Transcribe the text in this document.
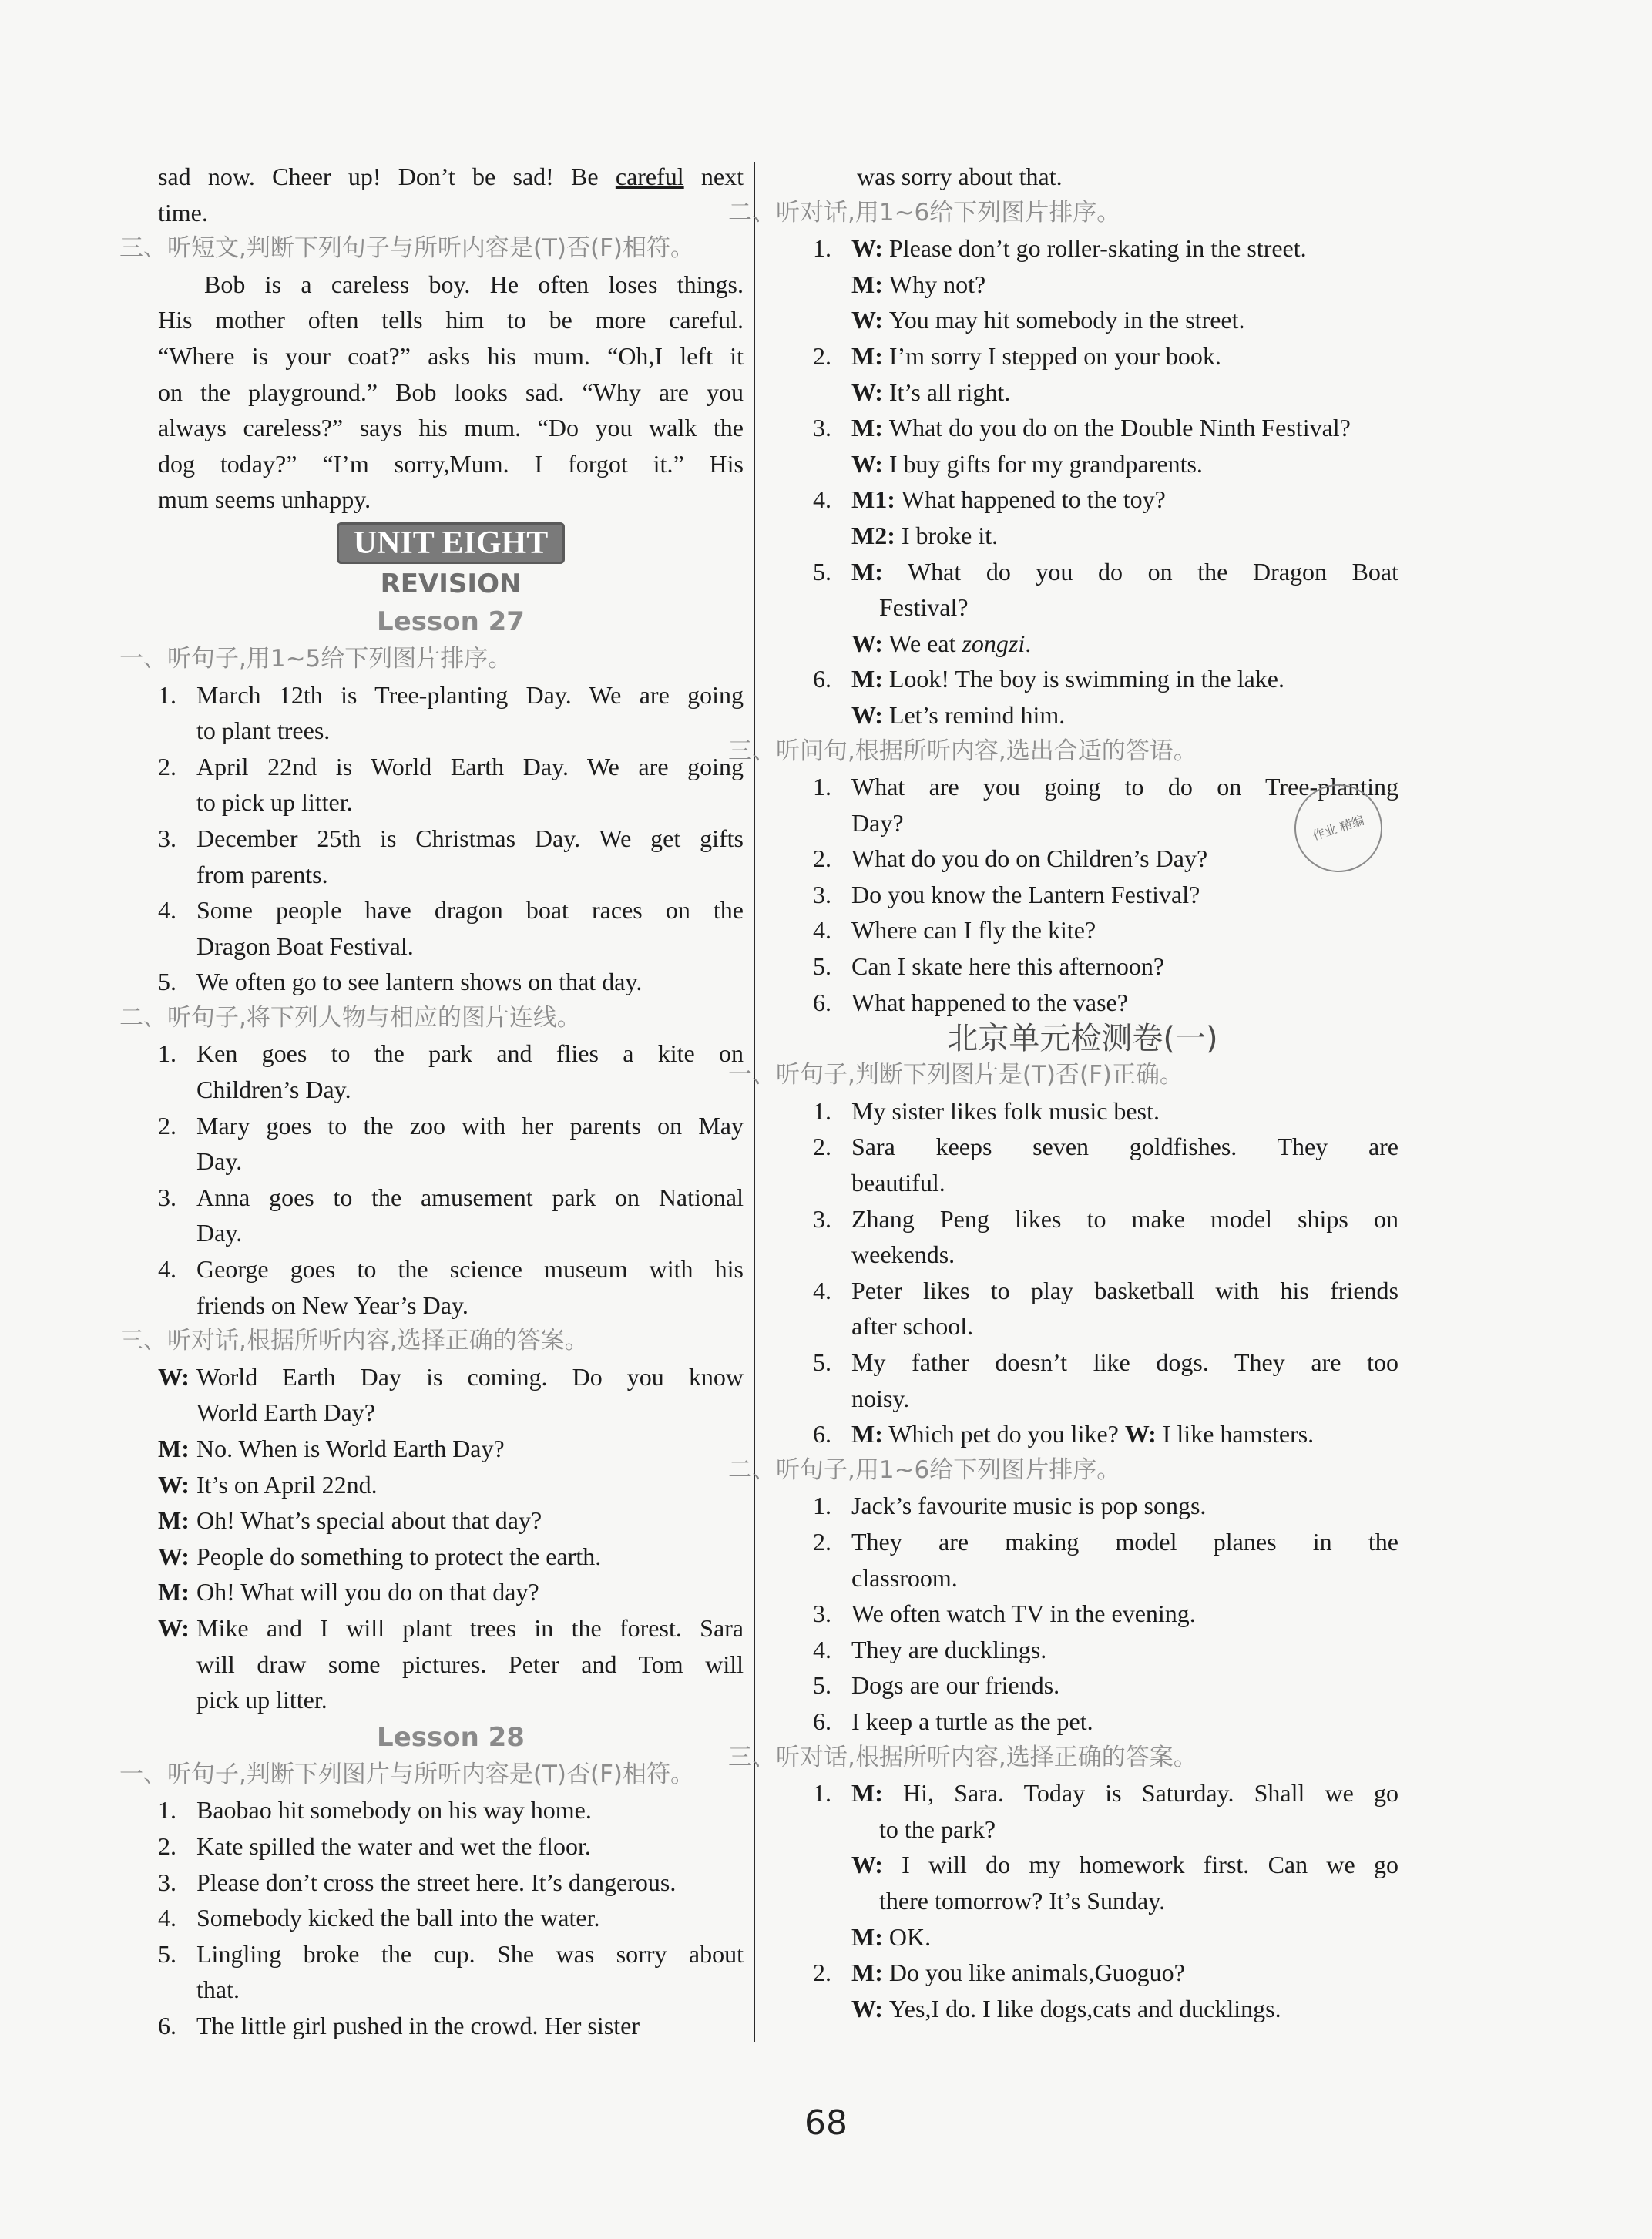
sad now. Cheer up! Don’t be sad! Be careful next
time.
三、听短文,判断下列句子与所听内容是(T)否(F)相符。
Bob is a careless boy. He often loses things.
His mother often tells him to be more careful.
“Where is your coat?” asks his mum. “Oh,I left it
on the playground.” Bob looks sad. “Why are you
always careless?” says his mum. “Do you walk the
dog today?” “I’m sorry,Mum. I forgot it.” His
mum seems unhappy.
UNIT EIGHT
REVISION
Lesson 27
一、听句子,用1~5给下列图片排序。
1. March 12th is Tree-planting Day. We are going
to plant trees.
2. April 22nd is World Earth Day. We are going
to pick up litter.
3. December 25th is Christmas Day. We get gifts
from parents.
4. Some people have dragon boat races on the
Dragon Boat Festival.
5. We often go to see lantern shows on that day.
二、听句子,将下列人物与相应的图片连线。
1. Ken goes to the park and flies a kite on
Children’s Day.
2. Mary goes to the zoo with her parents on May
Day.
3. Anna goes to the amusement park on National
Day.
4. George goes to the science museum with his
friends on New Year’s Day.
三、听对话,根据所听内容,选择正确的答案。
W:World Earth Day is coming. Do you know
World Earth Day?
M:No. When is World Earth Day?
W:It’s on April 22nd.
M:Oh! What’s special about that day?
W:People do something to protect the earth.
M:Oh! What will you do on that day?
W:Mike and I will plant trees in the forest. Sara
will draw some pictures. Peter and Tom will
pick up litter.
Lesson 28
一、听句子,判断下列图片与所听内容是(T)否(F)相符。
1. Baobao hit somebody on his way home.
2. Kate spilled the water and wet the floor.
3. Please don’t cross the street here. It’s dangerous.
4. Somebody kicked the ball into the water.
5. Lingling broke the cup. She was sorry about
that.
6. The little girl pushed in the crowd. Her sister
was sorry about that.
二、听对话,用1~6给下列图片排序。
1. W: Please don’t go roller-skating in the street.
M: Why not?
W: You may hit somebody in the street.
2. M: I’m sorry I stepped on your book.
W: It’s all right.
3. M: What do you do on the Double Ninth Festival?
W: I buy gifts for my grandparents.
4. M1: What happened to the toy?
M2: I broke it.
5. M: What do you do on the Dragon Boat
Festival?
W: We eat zongzi.
6. M: Look! The boy is swimming in the lake.
W: Let’s remind him.
三、听问句,根据所听内容,选出合适的答语。
1. What are you going to do on Tree-planting
Day?
2. What do you do on Children’s Day?
3. Do you know the Lantern Festival?
4. Where can I fly the kite?
5. Can I skate here this afternoon?
6. What happened to the vase?
北京单元检测卷(一)
一、听句子,判断下列图片是(T)否(F)正确。
1. My sister likes folk music best.
2. Sara keeps seven goldfishes. They are
beautiful.
3. Zhang Peng likes to make model ships on
weekends.
4. Peter likes to play basketball with his friends
after school.
5. My father doesn’t like dogs. They are too
noisy.
6. M: Which pet do you like? W: I like hamsters.
二、听句子,用1~6给下列图片排序。
1. Jack’s favourite music is pop songs.
2. They are making model planes in the
classroom.
3. We often watch TV in the evening.
4. They are ducklings.
5. Dogs are our friends.
6. I keep a turtle as the pet.
三、听对话,根据所听内容,选择正确的答案。
1. M: Hi, Sara. Today is Saturday. Shall we go
to the park?
W: I will do my homework first. Can we go
there tomorrow? It’s Sunday.
M: OK.
2. M: Do you like animals,Guoguo?
W: Yes,I do. I like dogs,cats and ducklings.
作业 精编
68
